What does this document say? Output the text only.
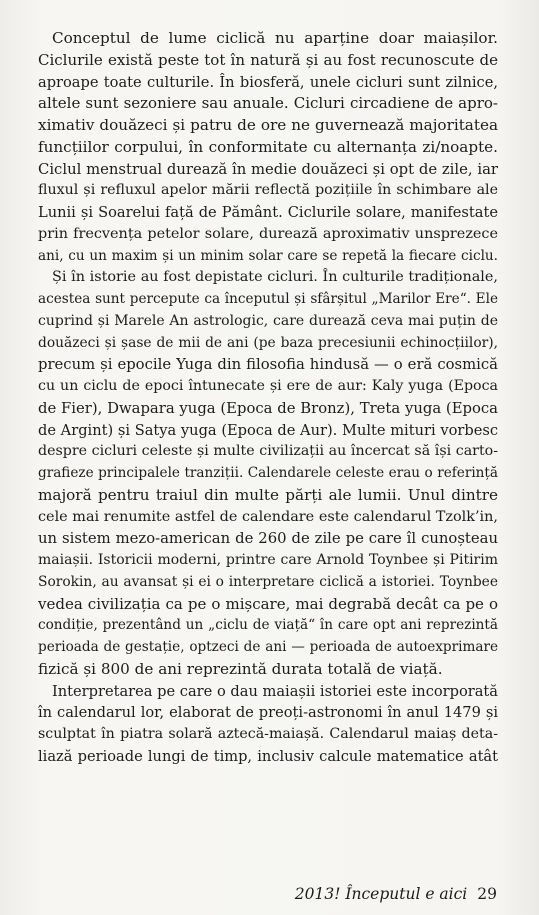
Conceptul de lume ciclică nu aparține doar maiașilor.
Ciclurile există peste tot în natură și au fost recunoscute de
aproape toate culturile. În biosferă, unele cicluri sunt zilnice,
altele sunt sezoniere sau anuale. Cicluri circadiene de apro-
ximativ douăzeci și patru de ore ne guvernează majoritatea
funcțiilor corpului, în conformitate cu alternanța zi/noapte.
Ciclul menstrual durează în medie douăzeci și opt de zile, iar
fluxul și refluxul apelor mării reflectă pozițiile în schimbare ale
Lunii și Soarelui față de Pământ. Ciclurile solare, manifestate
prin frecvența petelor solare, durează aproximativ unsprezece
ani, cu un maxim și un minim solar care se repetă la fiecare ciclu.
Și în istorie au fost depistate cicluri. În culturile tradiționale,
acestea sunt percepute ca începutul și sfârșitul „Marilor Ere“. Ele
cuprind și Marele An astrologic, care durează ceva mai puțin de
douăzeci și șase de mii de ani (pe baza precesiunii echinocțiilor),
precum și epocile Yuga din filosofia hindusă — o eră cosmică
cu un ciclu de epoci întunecate și ere de aur: Kaly yuga (Epoca
de Fier), Dwapara yuga (Epoca de Bronz), Treta yuga (Epoca
de Argint) și Satya yuga (Epoca de Aur). Multe mituri vorbesc
despre cicluri celeste și multe civilizații au încercat să își carto-
grafieze principalele tranziții. Calendarele celeste erau o referință
majoră pentru traiul din multe părți ale lumii. Unul dintre
cele mai renumite astfel de calendare este calendarul Tzolk’in,
un sistem mezo-american de 260 de zile pe care îl cunoșteau
maiașii. Istoricii moderni, printre care Arnold Toynbee și Pitirim
Sorokin, au avansat și ei o interpretare ciclică a istoriei. Toynbee
vedea civilizația ca pe o mișcare, mai degrabă decât ca pe o
condiție, prezentând un „ciclu de viață“ în care opt ani reprezintă
perioada de gestație, optzeci de ani — perioada de autoexprimare
fizică și 800 de ani reprezintă durata totală de viață.
Interpretarea pe care o dau maiașii istoriei este incorporată
în calendarul lor, elaborat de preoți-astronomi în anul 1479 și
sculptat în piatra solară aztecă-maiașă. Calendarul maiaș deta-
liază perioade lungi de timp, inclusiv calcule matematice atât
2013! Începutul e aici 29
